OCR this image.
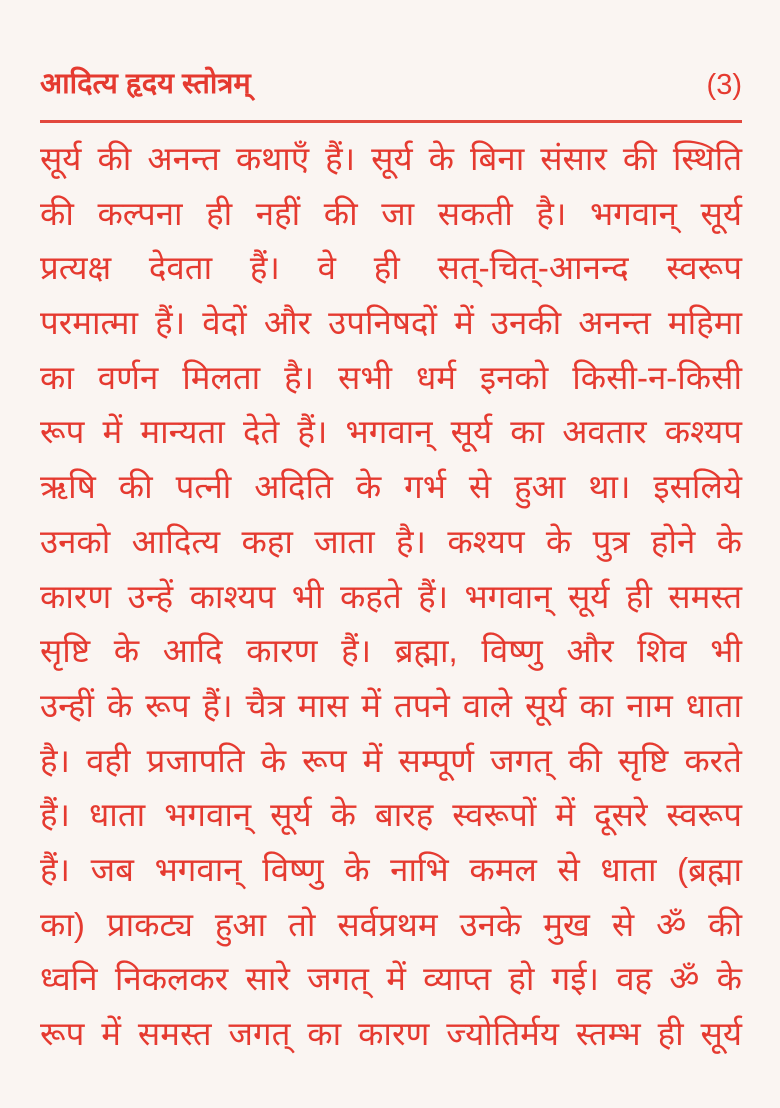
आदित्य हृदय स्तोत्रम्	(3)
सूर्य की अनन्त कथाएँ हैं। सूर्य के बिना संसार की स्थिति
की कल्पना ही नहीं की जा सकती है। भगवान् सूर्य
प्रत्यक्ष देवता हैं। वे ही सत्-चित्-आनन्द स्वरूप
परमात्मा हैं। वेदों और उपनिषदों में उनकी अनन्त महिमा
का वर्णन मिलता है। सभी धर्म इनको किसी-न-किसी
रूप में मान्यता देते हैं। भगवान् सूर्य का अवतार कश्यप
ऋषि की पत्नी अदिति के गर्भ से हुआ था। इसलिये
उनको आदित्य कहा जाता है। कश्यप के पुत्र होने के
कारण उन्हें काश्यप भी कहते हैं। भगवान् सूर्य ही समस्त
सृष्टि के आदि कारण हैं। ब्रह्मा, विष्णु और शिव भी
उन्हीं के रूप हैं। चैत्र मास में तपने वाले सूर्य का नाम धाता
है। वही प्रजापति के रूप में सम्पूर्ण जगत् की सृष्टि करते
हैं। धाता भगवान् सूर्य के बारह स्वरूपों में दूसरे स्वरूप
हैं। जब भगवान् विष्णु के नाभि कमल से धाता (ब्रह्मा
का) प्राकट्य हुआ तो सर्वप्रथम उनके मुख से ॐ की
ध्वनि निकलकर सारे जगत् में व्याप्त हो गई। वह ॐ के
रूप में समस्त जगत् का कारण ज्योतिर्मय स्तम्भ ही सूर्य
